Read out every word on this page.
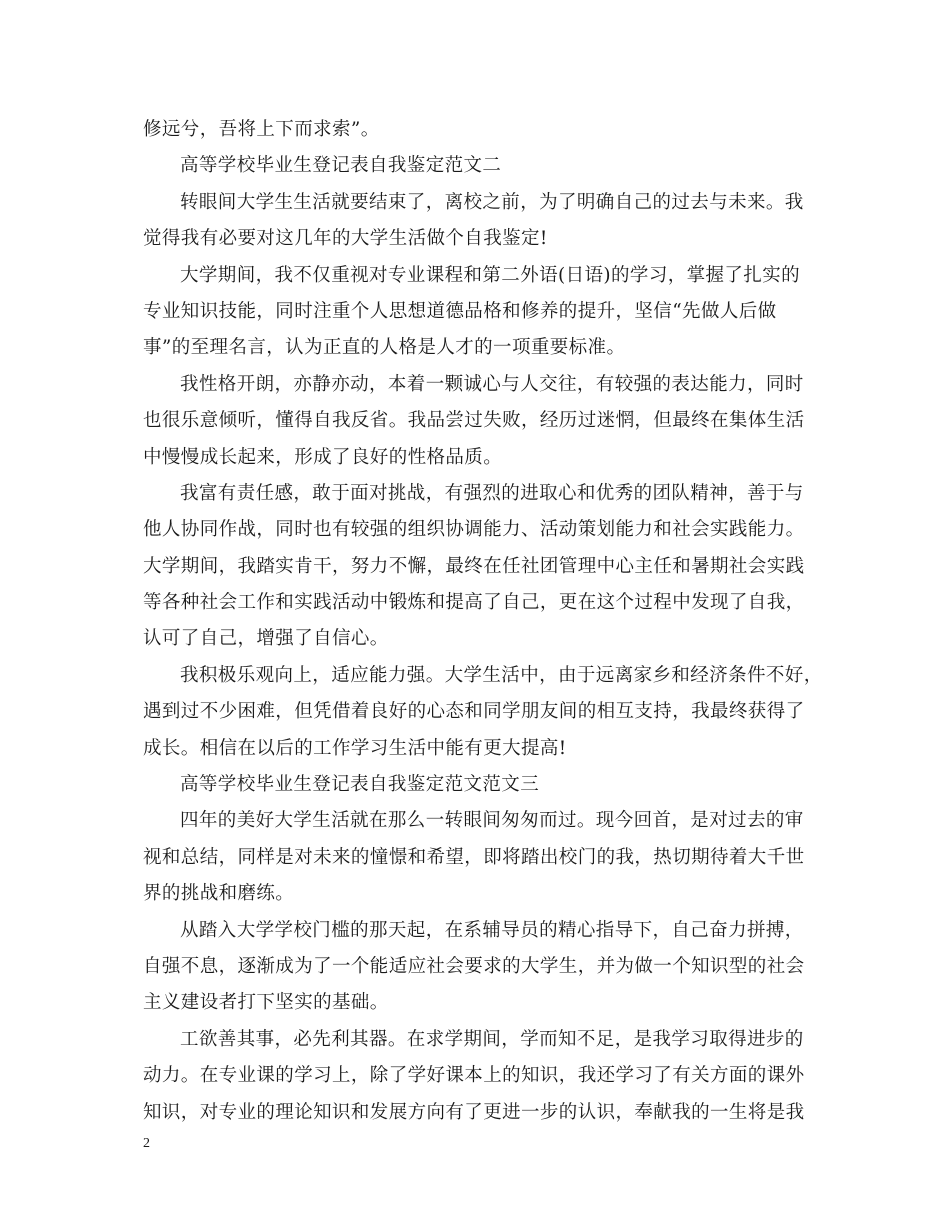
修远兮，吾将上下而求索”。
高等学校毕业生登记表自我鉴定范文二
转眼间大学生生活就要结束了，离校之前，为了明确自己的过去与未来。我
觉得我有必要对这几年的大学生活做个自我鉴定!
大学期间，我不仅重视对专业课程和第二外语(日语)的学习，掌握了扎实的
专业知识技能，同时注重个人思想道德品格和修养的提升，坚信“先做人后做
事”的至理名言，认为正直的人格是人才的一项重要标准。
我性格开朗，亦静亦动，本着一颗诚心与人交往，有较强的表达能力，同时
也很乐意倾听，懂得自我反省。我品尝过失败，经历过迷惘，但最终在集体生活
中慢慢成长起来，形成了良好的性格品质。
我富有责任感，敢于面对挑战，有强烈的进取心和优秀的团队精神，善于与
他人协同作战，同时也有较强的组织协调能力、活动策划能力和社会实践能力。
大学期间，我踏实肯干，努力不懈，最终在任社团管理中心主任和暑期社会实践
等各种社会工作和实践活动中锻炼和提高了自己，更在这个过程中发现了自我，
认可了自己，增强了自信心。
我积极乐观向上，适应能力强。大学生活中，由于远离家乡和经济条件不好，
遇到过不少困难，但凭借着良好的心态和同学朋友间的相互支持，我最终获得了
成长。相信在以后的工作学习生活中能有更大提高!
高等学校毕业生登记表自我鉴定范文范文三
四年的美好大学生活就在那么一转眼间匆匆而过。现今回首，是对过去的审
视和总结，同样是对未来的憧憬和希望，即将踏出校门的我，热切期待着大千世
界的挑战和磨练。
从踏入大学学校门槛的那天起，在系辅导员的精心指导下，自己奋力拼搏，
自强不息，逐渐成为了一个能适应社会要求的大学生，并为做一个知识型的社会
主义建设者打下坚实的基础。
工欲善其事，必先利其器。在求学期间，学而知不足，是我学习取得进步的
动力。在专业课的学习上，除了学好课本上的知识，我还学习了有关方面的课外
知识，对专业的理论知识和发展方向有了更进一步的认识，奉献我的一生将是我
2
